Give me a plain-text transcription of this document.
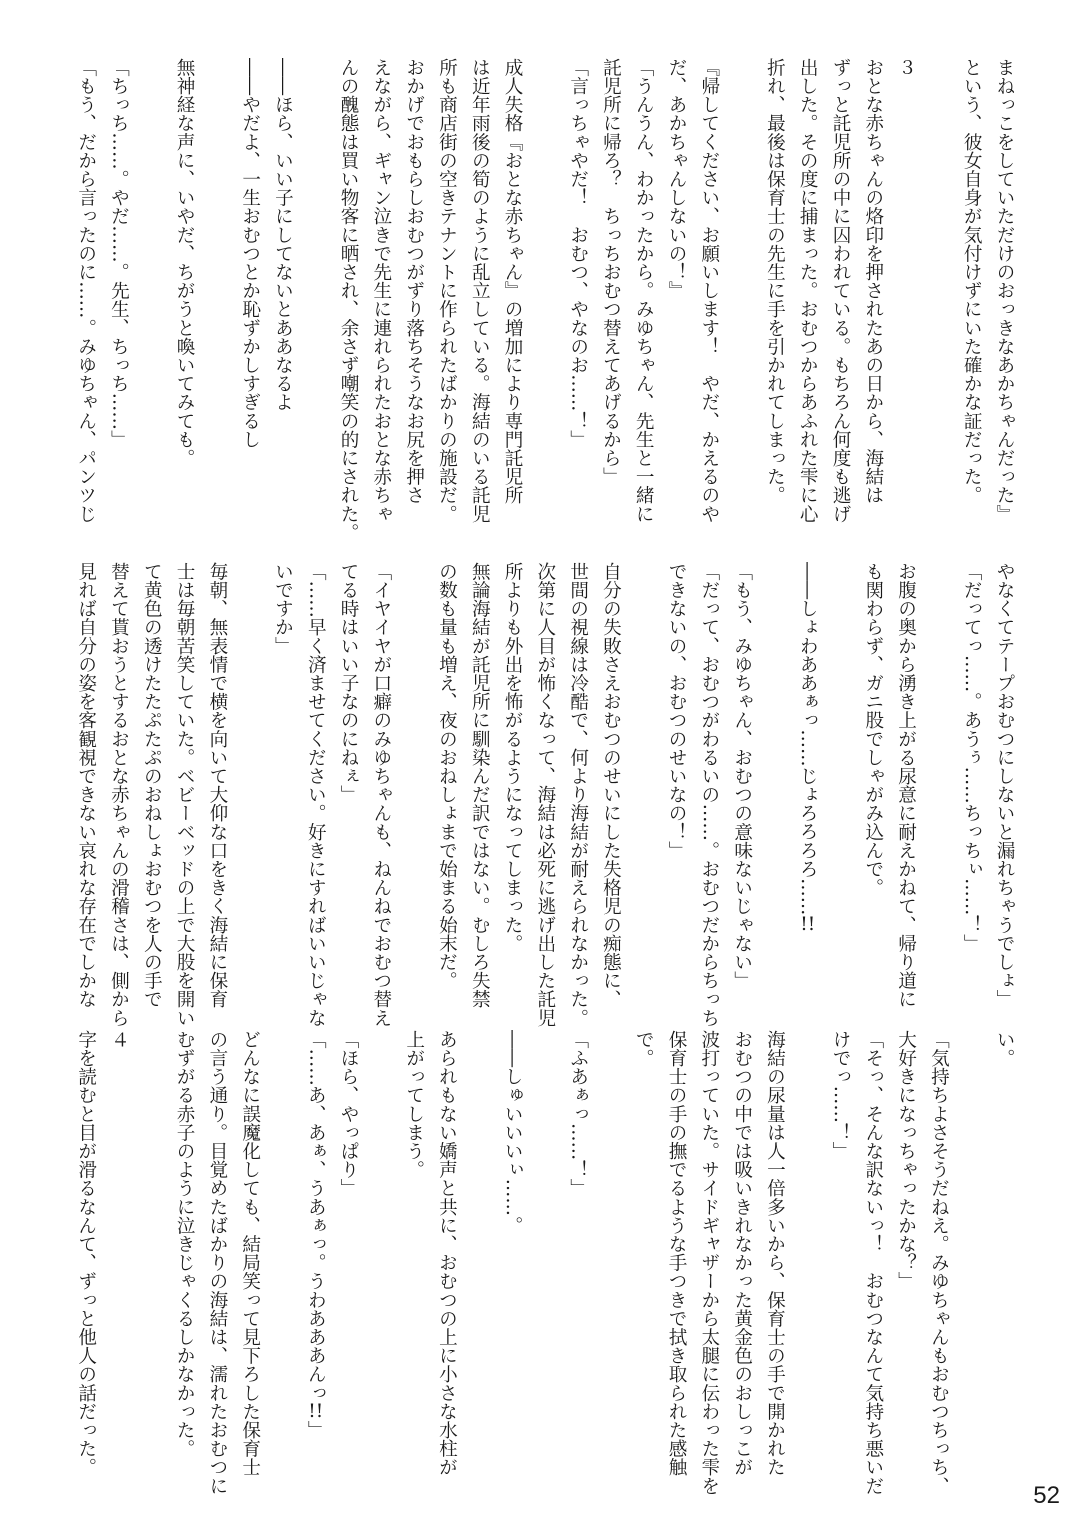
まねっこをしていただけのおっきなあかちゃんだった』
という、彼女自身が気付けずにいた確かな証だった。
３
おとな赤ちゃんの烙印を押されたあの日から、海結は
ずっと託児所の中に囚われている。もちろん何度も逃げ
出した。その度に捕まった。おむつからあふれた雫に心
折れ、最後は保育士の先生に手を引かれてしまった。
『帰してください、お願いします！　やだ、かえるのや
だ、あかちゃんしないの！』
「うんうん、わかったから。みゆちゃん、先生と一緒に
託児所に帰ろ？　ちっちおむつ替えてあげるから」
「言っちゃやだ！　おむつ、やなのお……！」
成人失格『おとな赤ちゃん』の増加により専門託児所
は近年雨後の筍のように乱立している。海結のいる託児
所も商店街の空きテナントに作られたばかりの施設だ。
おかげでおもらしおむつがずり落ちそうなお尻を押さ
えながら、ギャン泣きで先生に連れられたおとな赤ちゃ
んの醜態は買い物客に晒され、余さず嘲笑の的にされた。
――ほら、いい子にしてないとああなるよ
――やだよ、一生おむつとか恥ずかしすぎるし
無神経な声に、いやだ、ちがうと喚いてみても。
「ちっち……。やだ……。先生、ちっち……」
「もう、だから言ったのに……。みゆちゃん、パンツじ
やなくてテープおむつにしないと漏れちゃうでしょ」
「だってっ……。あうぅ……ちっちぃ……！」
お腹の奥から湧き上がる尿意に耐えかねて、帰り道に
も関わらず、ガニ股でしゃがみ込んで。
――しょわああぁっ……じょろろろろ……!!
「もう、みゆちゃん、おむつの意味ないじゃない」
「だって、おむつがわるいの……。おむつだからちっち
できないの、おむつのせいなの！」
自分の失敗さえおむつのせいにした失格児の痴態に、
世間の視線は冷酷で、何より海結が耐えられなかった。
次第に人目が怖くなって、海結は必死に逃げ出した託児
所よりも外出を怖がるようになってしまった。
無論海結が託児所に馴染んだ訳ではない。むしろ失禁
の数も量も増え、夜のおねしょまで始まる始末だ。
「イヤイヤが口癖のみゆちゃんも、ねんねでおむつ替え
てる時はいい子なのにねぇ」
「……早く済ませてください。好きにすればいいじゃな
いですか」
毎朝、無表情で横を向いて大仰な口をきく海結に保育
士は毎朝苦笑していた。ベビーベッドの上で大股を開い
て黄色の透けたたぷたぷのおねしょおむつを人の手で
替えて貰おうとするおとな赤ちゃんの滑稽さは、側から
見れば自分の姿を客観視できない哀れな存在でしかな
い。
「気持ちよさそうだねえ。みゆちゃんもおむつちっち、
大好きになっちゃったかな？」
「そっ、そんな訳ないっ！　おむつなんて気持ち悪いだ
けでっ……！」
海結の尿量は人一倍多いから、保育士の手で開かれた
おむつの中では吸いきれなかった黄金色のおしっこが
波打っていた。サイドギャザーから太腿に伝わった雫を
保育士の手の撫でるような手つきで拭き取られた感触
で。
「ふあぁっ……！」
――しゅいいいぃ……。
あられもない嬌声と共に、おむつの上に小さな水柱が
上がってしまう。
「ほら、やっぱり」
「……あ、あぁ、うあぁっ。うわあああんっ!!」
どんなに誤魔化しても、結局笑って見下ろした保育士
の言う通り。目覚めたばかりの海結は、濡れたおむつに
むずがる赤子のように泣きじゃくるしかなかった。
４
字を読むと目が滑るなんて、ずっと他人の話だった。
52
